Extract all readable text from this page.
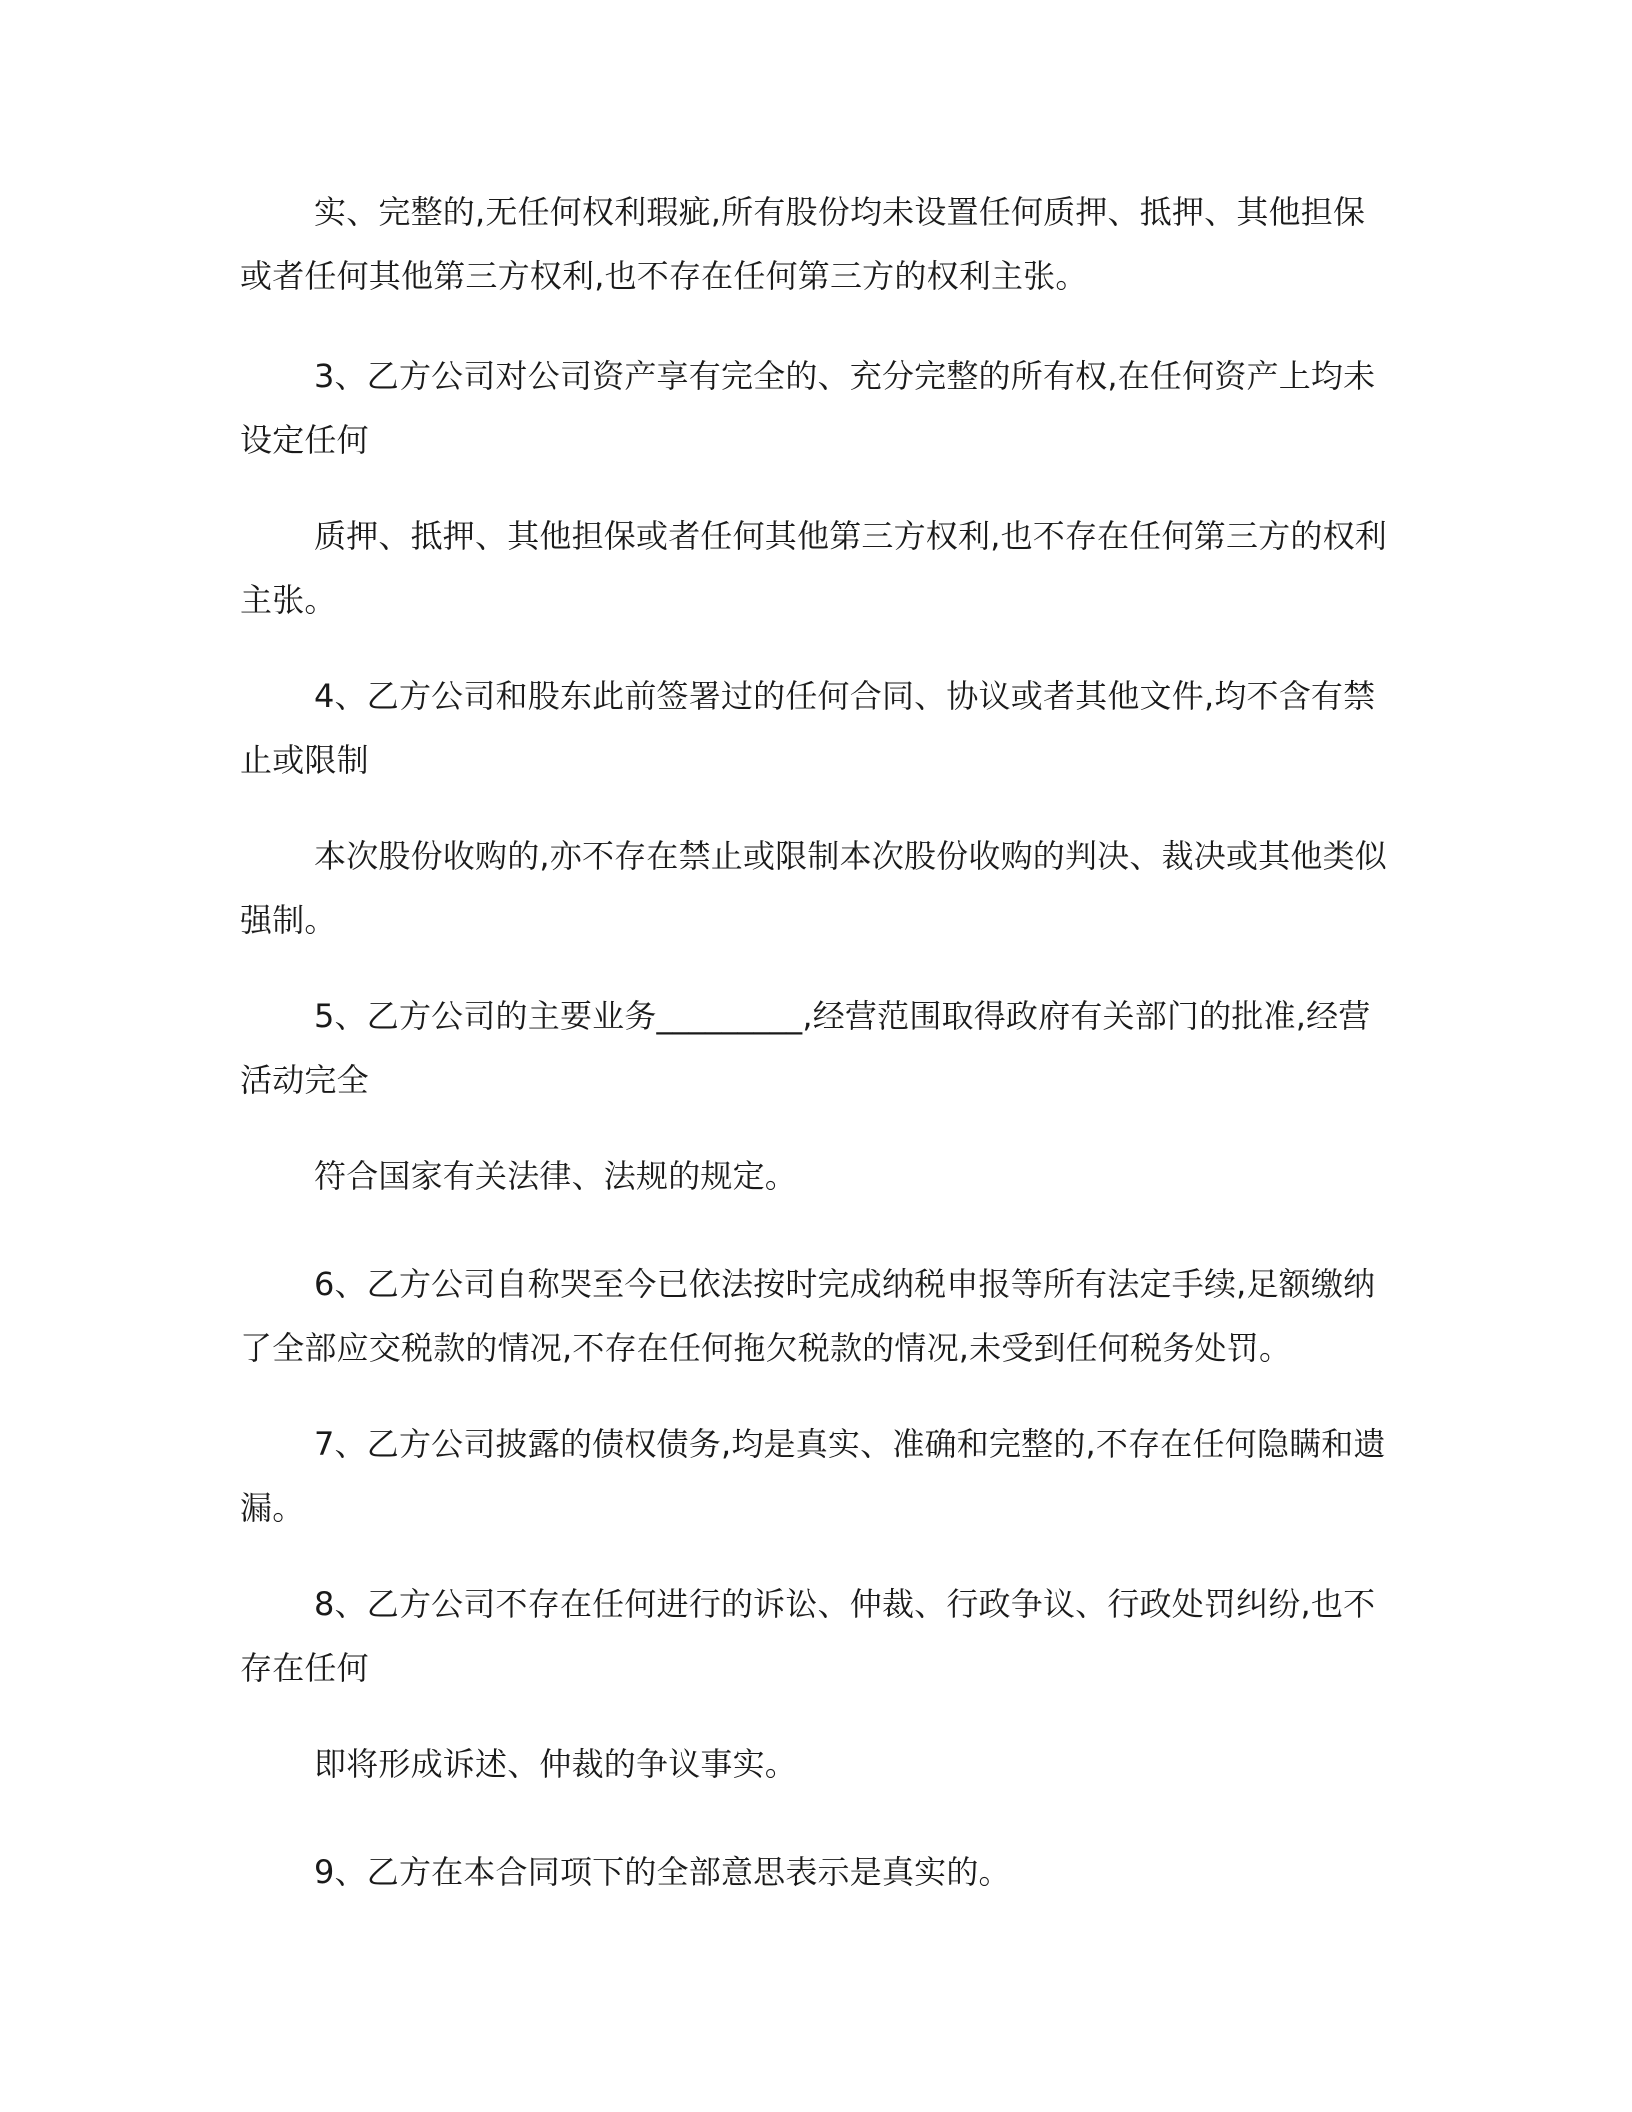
实、完整的,无任何权利瑕疵,所有股份均未设置任何质押、抵押、其他担保或者任何其他第三方权利,也不存在任何第三方的权利主张。

3、乙方公司对公司资产享有完全的、充分完整的所有权,在任何资产上均未设定任何

质押、抵押、其他担保或者任何其他第三方权利,也不存在任何第三方的权利主张。

4、乙方公司和股东此前签署过的任何合同、协议或者其他文件,均不含有禁止或限制

本次股份收购的,亦不存在禁止或限制本次股份收购的判决、裁决或其他类似强制。

5、乙方公司的主要业务_________,经营范围取得政府有关部门的批准,经营活动完全

符合国家有关法律、法规的规定。

6、乙方公司自称哭至今已依法按时完成纳税申报等所有法定手续,足额缴纳了全部应交税款的情况,不存在任何拖欠税款的情况,未受到任何税务处罚。

7、乙方公司披露的债权债务,均是真实、准确和完整的,不存在任何隐瞒和遗漏。

8、乙方公司不存在任何进行的诉讼、仲裁、行政争议、行政处罚纠纷,也不存在任何

即将形成诉述、仲裁的争议事实。

9、乙方在本合同项下的全部意思表示是真实的。
